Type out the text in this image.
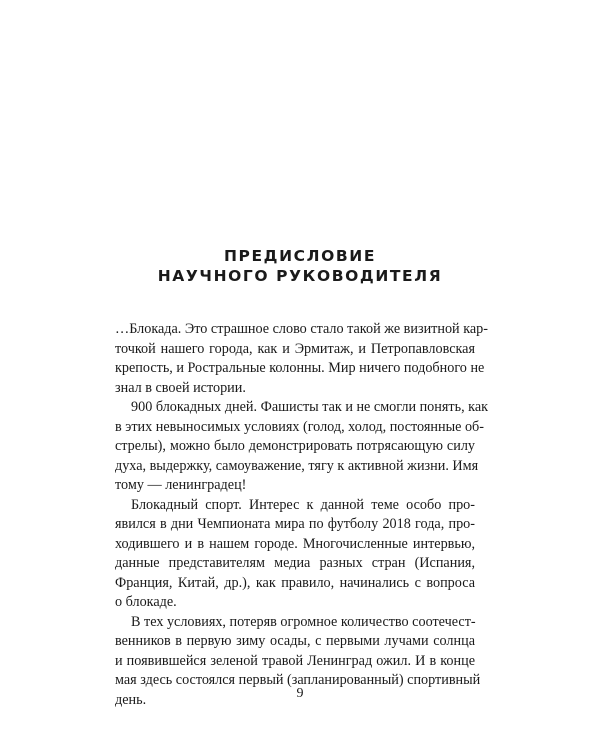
ПРЕДИСЛОВИЕ
НАУЧНОГО РУКОВОДИТЕЛЯ
…Блокада. Это страшное слово стало такой же визитной кар-
точкой нашего города, как и Эрмитаж, и Петропавловская
крепость, и Ростральные колонны. Мир ничего подобного не
знал в своей истории.
900 блокадных дней. Фашисты так и не смогли понять, как
в этих невыносимых условиях (голод, холод, постоянные об-
стрелы), можно было демонстрировать потрясающую силу
духа, выдержку, самоуважение, тягу к активной жизни. Имя
тому — ленинградец!
Блокадный спорт. Интерес к данной теме особо про-
явился в дни Чемпионата мира по футболу 2018 года, про-
ходившего и в нашем городе. Многочисленные интервью,
данные представителям медиа разных стран (Испания,
Франция, Китай, др.), как правило, начинались с вопроса
о блокаде.
В тех условиях, потеряв огромное количество соотечест-
венников в первую зиму осады, с первыми лучами солнца
и появившейся зеленой травой Ленинград ожил. И в конце
мая здесь состоялся первый (запланированный) спортивный
день.	9
